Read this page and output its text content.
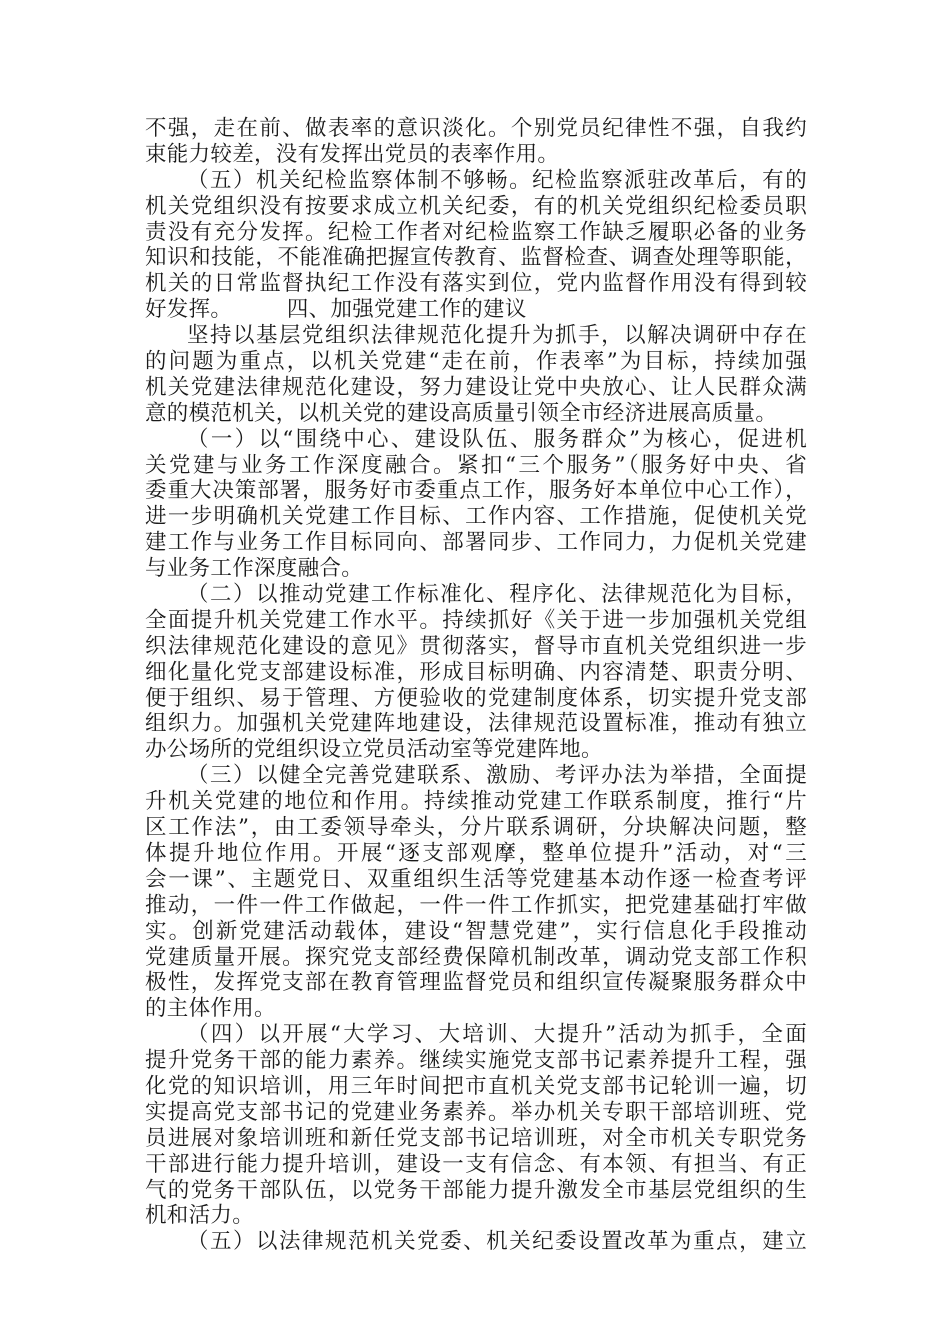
不强，走在前、做表率的意识淡化。个别党员纪律性不强，自我约
束能力较差，没有发挥出党员的表率作用。
（五）机关纪检监察体制不够畅。纪检监察派驻改革后，有的
机关党组织没有按要求成立机关纪委，有的机关党组织纪检委员职
责没有充分发挥。纪检工作者对纪检监察工作缺乏履职必备的业务
知识和技能，不能准确把握宣传教育、监督检查、调查处理等职能，
机关的日常监督执纪工作没有落实到位，党内监督作用没有得到较
好发挥。　　　四、加强党建工作的建议
坚持以基层党组织法律规范化提升为抓手，以解决调研中存在
的问题为重点，以机关党建“走在前，作表率”为目标，持续加强
机关党建法律规范化建设，努力建设让党中央放心、让人民群众满
意的模范机关，以机关党的建设高质量引领全市经济进展高质量。
（一）以“围绕中心、建设队伍、服务群众”为核心，促进机
关党建与业务工作深度融合。紧扣“三个服务”（服务好中央、省
委重大决策部署，服务好市委重点工作，服务好本单位中心工作），
进一步明确机关党建工作目标、工作内容、工作措施，促使机关党
建工作与业务工作目标同向、部署同步、工作同力，力促机关党建
与业务工作深度融合。
（二）以推动党建工作标准化、程序化、法律规范化为目标，
全面提升机关党建工作水平。持续抓好《关于进一步加强机关党组
织法律规范化建设的意见》贯彻落实，督导市直机关党组织进一步
细化量化党支部建设标准，形成目标明确、内容清楚、职责分明、
便于组织、易于管理、方便验收的党建制度体系，切实提升党支部
组织力。加强机关党建阵地建设，法律规范设置标准，推动有独立
办公场所的党组织设立党员活动室等党建阵地。
（三）以健全完善党建联系、激励、考评办法为举措，全面提
升机关党建的地位和作用。持续推动党建工作联系制度，推行“片
区工作法”，由工委领导牵头，分片联系调研，分块解决问题，整
体提升地位作用。开展“逐支部观摩，整单位提升”活动，对“三
会一课”、主题党日、双重组织生活等党建基本动作逐一检查考评
推动，一件一件工作做起，一件一件工作抓实，把党建基础打牢做
实。创新党建活动载体，建设“智慧党建”，实行信息化手段推动
党建质量开展。探究党支部经费保障机制改革，调动党支部工作积
极性，发挥党支部在教育管理监督党员和组织宣传凝聚服务群众中
的主体作用。
（四）以开展“大学习、大培训、大提升”活动为抓手，全面
提升党务干部的能力素养。继续实施党支部书记素养提升工程，强
化党的知识培训，用三年时间把市直机关党支部书记轮训一遍，切
实提高党支部书记的党建业务素养。举办机关专职干部培训班、党
员进展对象培训班和新任党支部书记培训班，对全市机关专职党务
干部进行能力提升培训，建设一支有信念、有本领、有担当、有正
气的党务干部队伍，以党务干部能力提升激发全市基层党组织的生
机和活力。
（五）以法律规范机关党委、机关纪委设置改革为重点，建立
